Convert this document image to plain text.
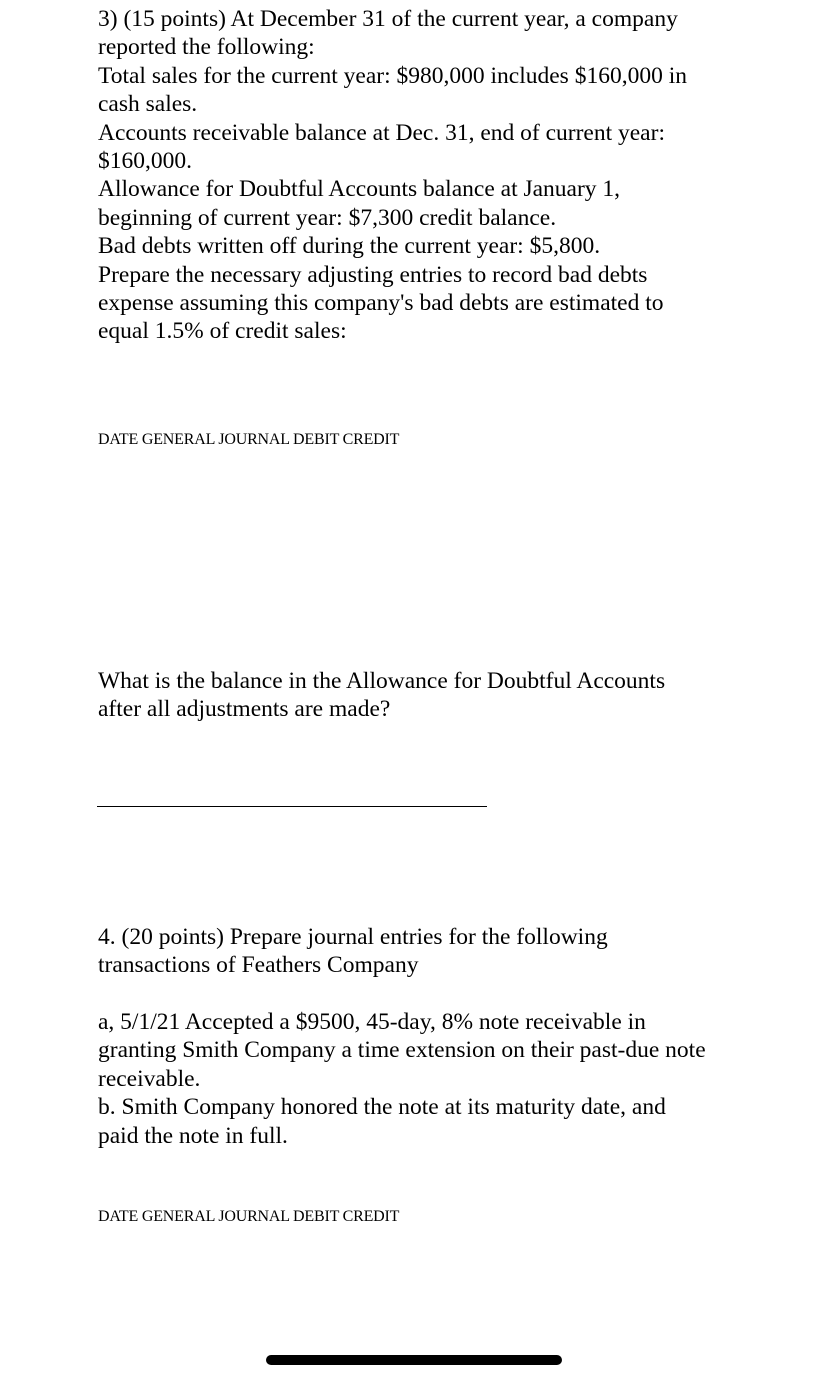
3) (15 points) At December 31 of the current year, a company

reported the following:

Total sales for the current year: $980,000 includes $160,000 in

cash sales.

Accounts receivable balance at Dec. 31, end of current year:

$160,000.

Allowance for Doubtful Accounts balance at January 1,

beginning of current year: $7,300 credit balance.

Bad debts written off during the current year: $5,800.

Prepare the necessary adjusting entries to record bad debts

expense assuming this company's bad debts are estimated to

equal 1.5% of credit sales:

DATE GENERAL JOURNAL DEBIT CREDIT

What is the balance in the Allowance for Doubtful Accounts

after all adjustments are made?

4. (20 points) Prepare journal entries for the following

transactions of Feathers Company

a, 5/1/21 Accepted a $9500, 45-day, 8% note receivable in

granting Smith Company a time extension on their past-due note

receivable.

b. Smith Company honored the note at its maturity date, and

paid the note in full.

DATE GENERAL JOURNAL DEBIT CREDIT
